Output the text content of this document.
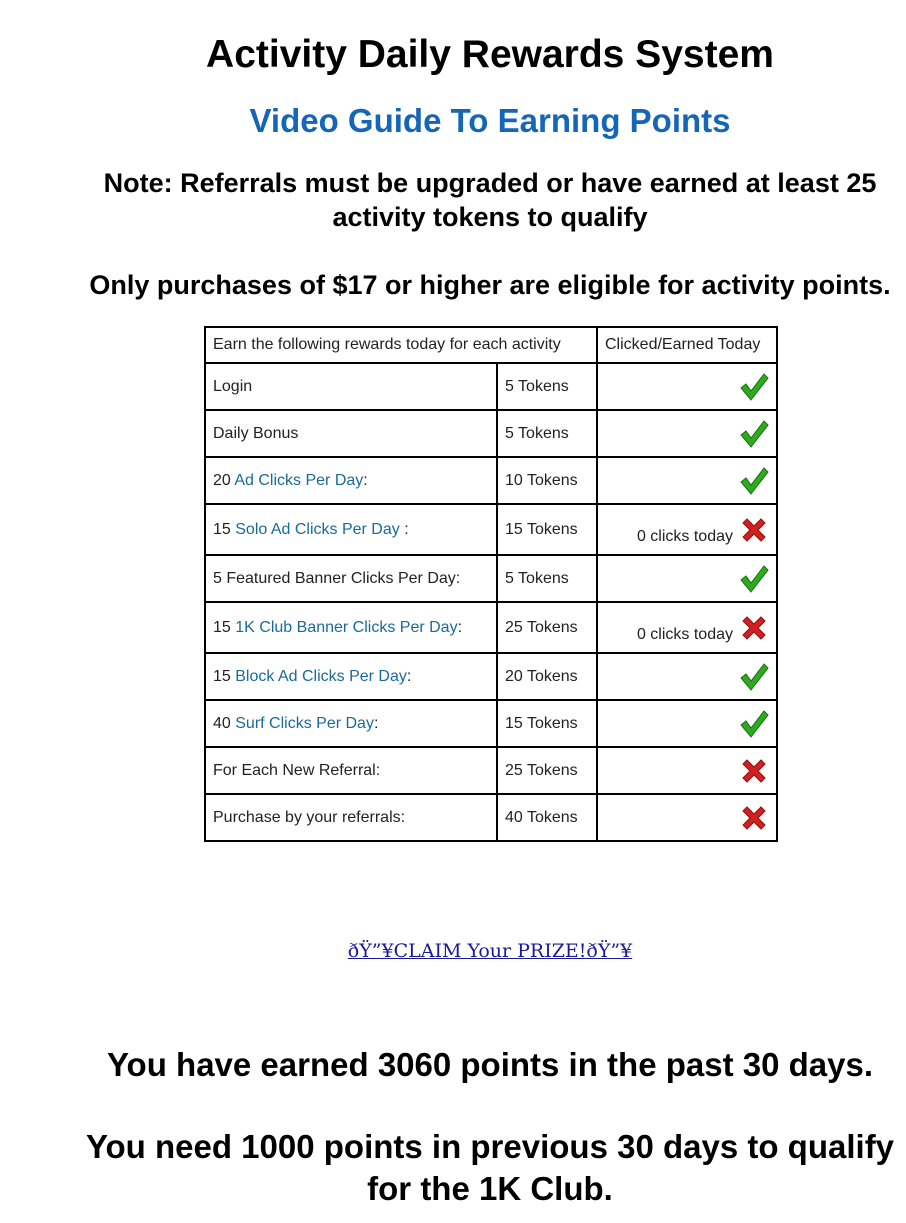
Activity Daily Rewards System
Video Guide To Earning Points
Note: Referrals must be upgraded or have earned at least 25 activity tokens to qualify
Only purchases of $17 or higher are eligible for activity points.
Earn the following rewards today for each activity		Clicked/Earned Today
Login	5 Tokens	

Daily Bonus	5 Tokens	

20 Ad Clicks Per Day:	10 Tokens	

15 Solo Ad Clicks Per Day :	15 Tokens	0 clicks today

5 Featured Banner Clicks Per Day:	5 Tokens	

15 1K Club Banner Clicks Per Day:	25 Tokens	0 clicks today

15 Block Ad Clicks Per Day:	20 Tokens	

40 Surf Clicks Per Day:	15 Tokens	

For Each New Referral:	25 Tokens	

Purchase by your referrals:	40 Tokens	
ðŸ”¥CLAIM Your PRIZE!ðŸ”¥
You have earned 3060 points in the past 30 days.
You need 1000 points in previous 30 days to qualify for the 1K Club.
